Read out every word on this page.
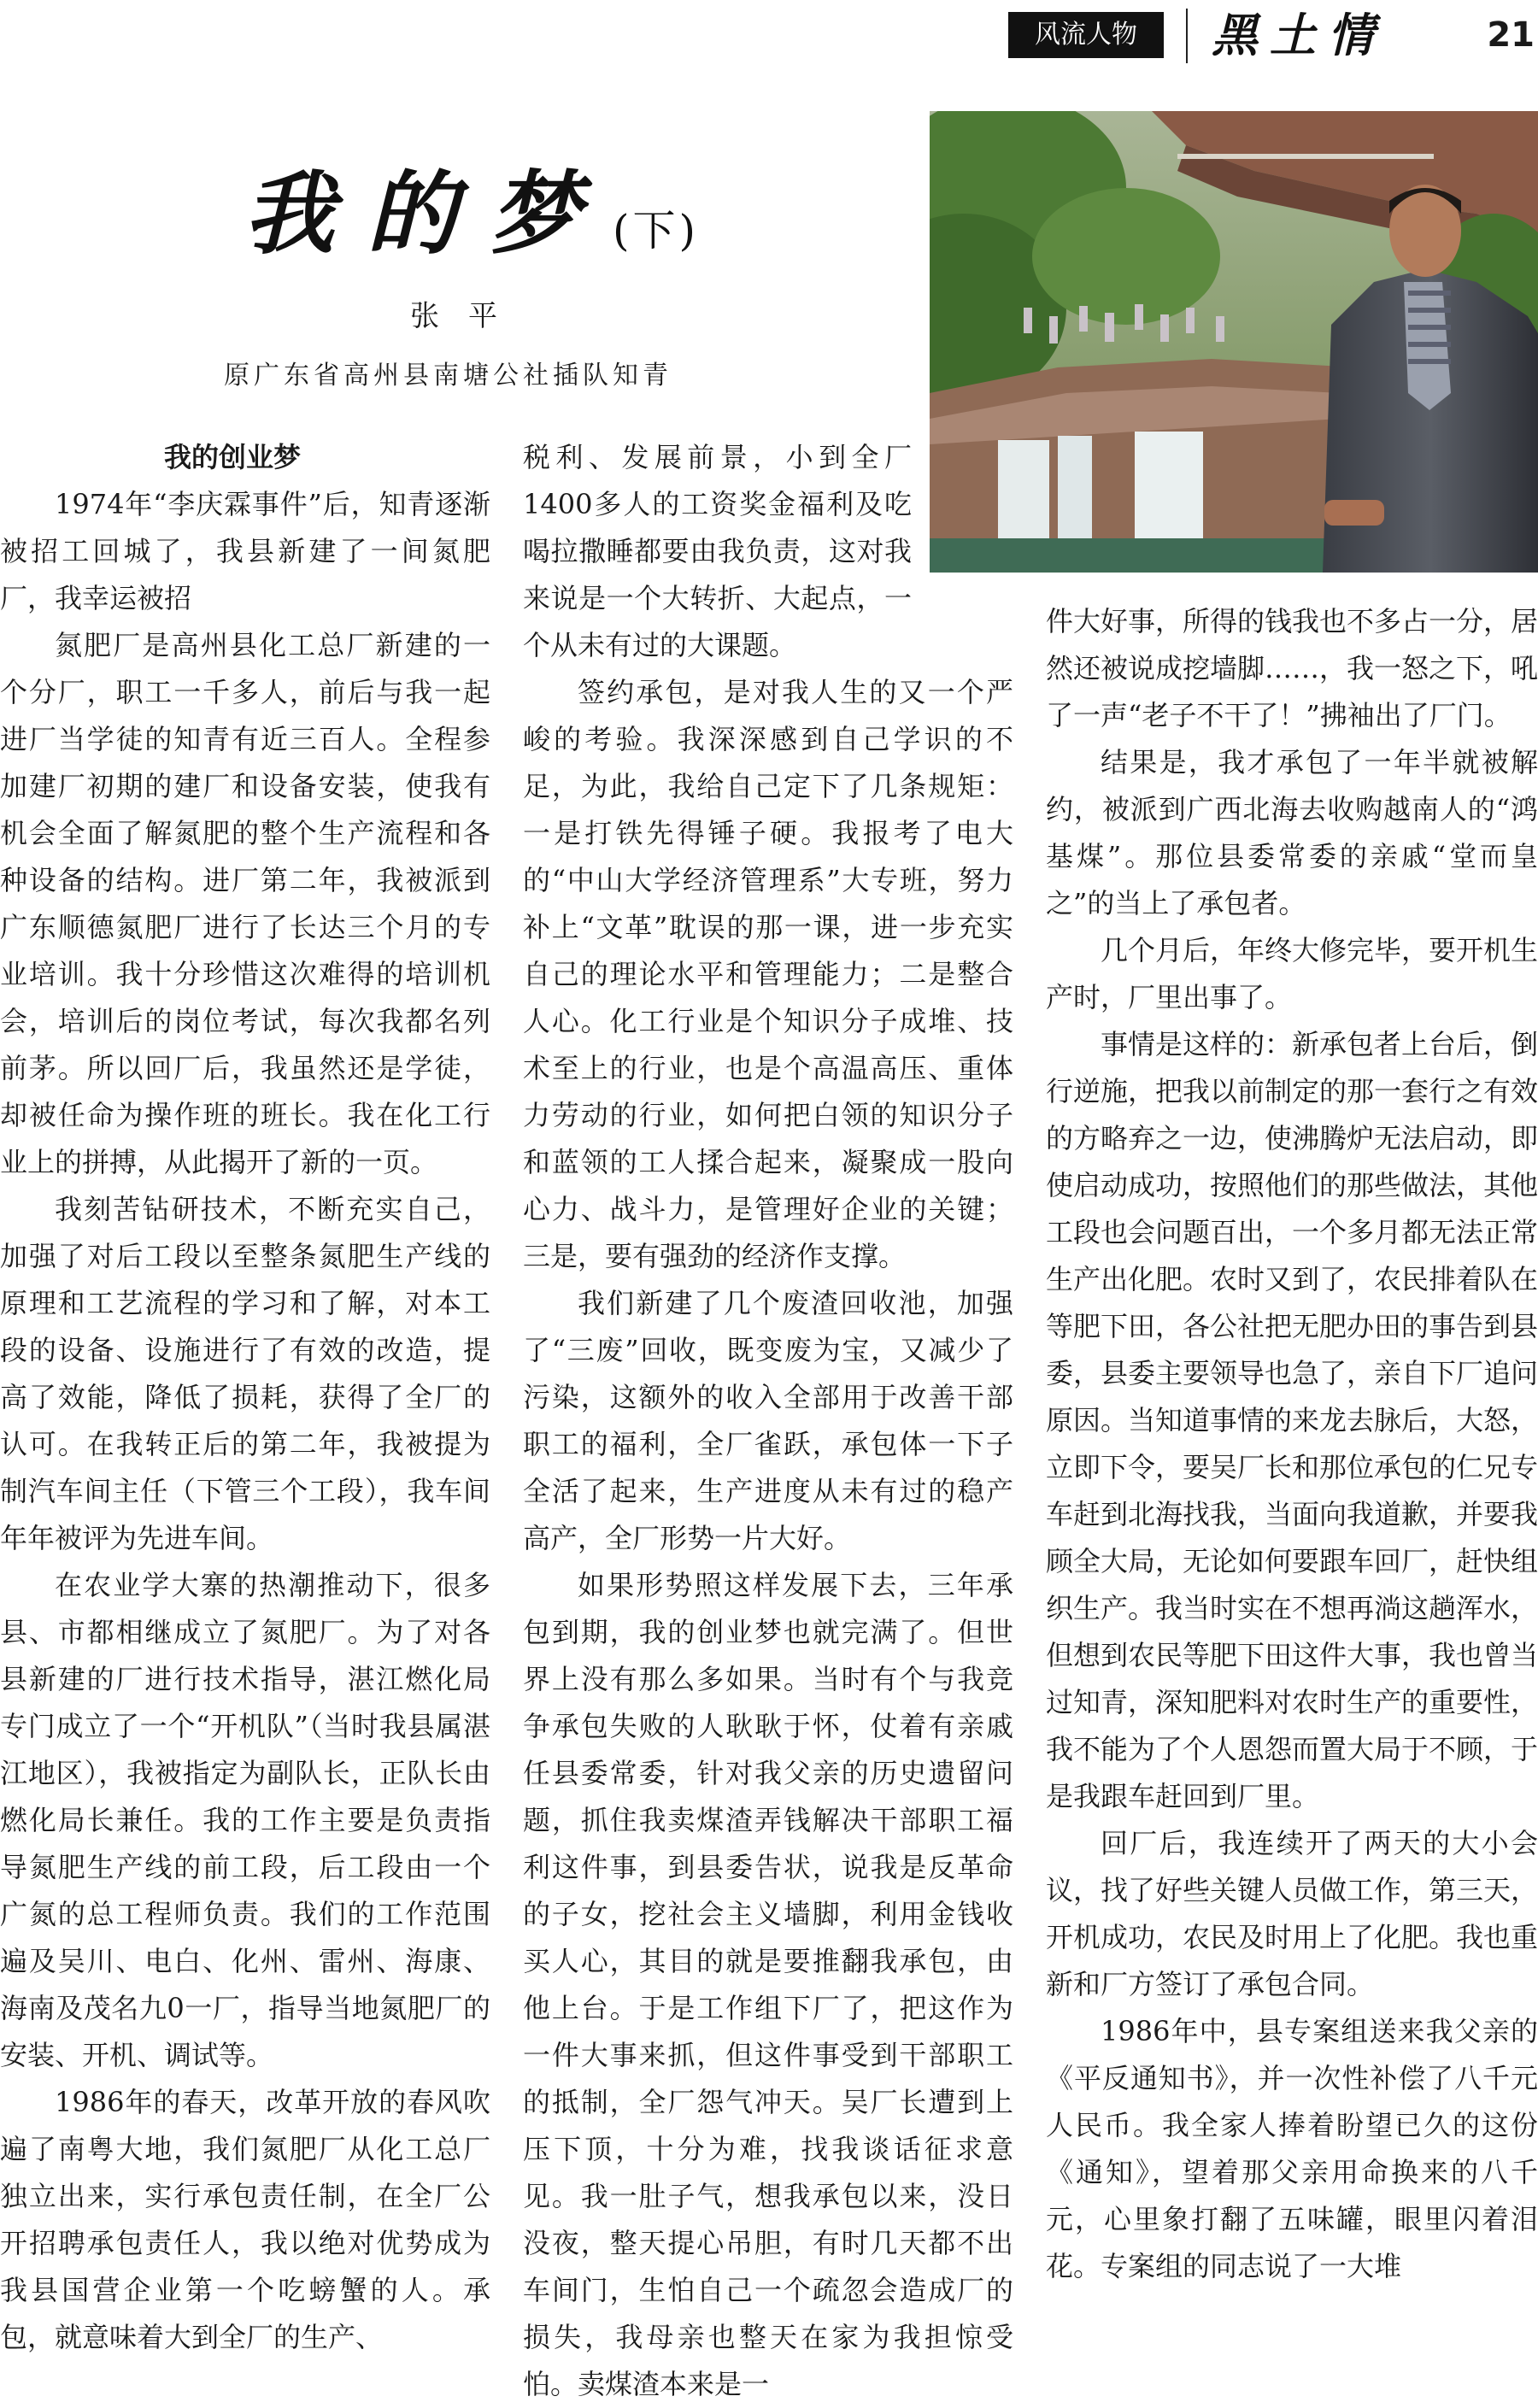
风流人物	黑土情	21
我的梦(下)
张平
原广东省高州县南塘公社插队知青
我的创业梦

1974年“李庆霖事件”后，知青逐渐被招工回城了，我县新建了一间氮肥厂，我幸运被招

氮肥厂是高州县化工总厂新建的一个分厂，职工一千多人，前后与我一起进厂当学徒的知青有近三百人。全程参加建厂初期的建厂和设备安装，使我有机会全面了解氮肥的整个生产流程和各种设备的结构。进厂第二年，我被派到广东顺德氮肥厂进行了长达三个月的专业培训。我十分珍惜这次难得的培训机会，培训后的岗位考试，每次我都名列前茅。所以回厂后，我虽然还是学徒，却被任命为操作班的班长。我在化工行业上的拼搏，从此揭开了新的一页。

我刻苦钻研技术，不断充实自己，加强了对后工段以至整条氮肥生产线的原理和工艺流程的学习和了解，对本工段的设备、设施进行了有效的改造，提高了效能，降低了损耗，获得了全厂的认可。在我转正后的第二年，我被提为制汽车间主任（下管三个工段），我车间年年被评为先进车间。

在农业学大寨的热潮推动下，很多县、市都相继成立了氮肥厂。为了对各县新建的厂进行技术指导，湛江燃化局专门成立了一个“开机队”（当时我县属湛江地区），我被指定为副队长，正队长由燃化局长兼任。我的工作主要是负责指导氮肥生产线的前工段，后工段由一个广氮的总工程师负责。我们的工作范围遍及吴川、电白、化州、雷州、海康、海南及茂名九0一厂，指导当地氮肥厂的安装、开机、调试等。

1986年的春天，改革开放的春风吹遍了南粤大地，我们氮肥厂从化工总厂独立出来，实行承包责任制，在全厂公开招聘承包责任人，我以绝对优势成为我县国营企业第一个吃螃蟹的人。承包，就意味着大到全厂的生产、

税利、发展前景，小到全厂1400多人的工资奖金福利及吃喝拉撒睡都要由我负责，这对我来说是一个大转折、大起点，一个从未有过的大课题。

签约承包，是对我人生的又一个严峻的考验。我深深感到自己学识的不足，为此，我给自己定下了几条规矩：一是打铁先得锤子硬。我报考了电大的“中山大学经济管理系”大专班，努力补上“文革”耽误的那一课，进一步充实自己的理论水平和管理能力；二是整合人心。化工行业是个知识分子成堆、技术至上的行业，也是个高温高压、重体力劳动的行业，如何把白领的知识分子和蓝领的工人揉合起来，凝聚成一股向心力、战斗力，是管理好企业的关键；三是，要有强劲的经济作支撑。

我们新建了几个废渣回收池，加强了“三废”回收，既变废为宝，又减少了污染，这额外的收入全部用于改善干部职工的福利，全厂雀跃，承包体一下子全活了起来，生产进度从未有过的稳产高产，全厂形势一片大好。

如果形势照这样发展下去，三年承包到期，我的创业梦也就完满了。但世界上没有那么多如果。当时有个与我竞争承包失败的人耿耿于怀，仗着有亲戚任县委常委，针对我父亲的历史遗留问题，抓住我卖煤渣弄钱解决干部职工福利这件事，到县委告状，说我是反革命的子女，挖社会主义墙脚，利用金钱收买人心，其目的就是要推翻我承包，由他上台。于是工作组下厂了，把这作为一件大事来抓，但这件事受到干部职工的抵制，全厂怨气冲天。吴厂长遭到上压下顶，十分为难，找我谈话征求意见。我一肚子气，想我承包以来，没日没夜，整天提心吊胆，有时几天都不出车间门，生怕自己一个疏忽会造成厂的损失，我母亲也整天在家为我担惊受怕。卖煤渣本来是一

件大好事，所得的钱我也不多占一分，居然还被说成挖墙脚……，我一怒之下，吼了一声“老子不干了！”拂袖出了厂门。

结果是，我才承包了一年半就被解约，被派到广西北海去收购越南人的“鸿基煤”。那位县委常委的亲戚“堂而皇之”的当上了承包者。

几个月后，年终大修完毕，要开机生产时，厂里出事了。

事情是这样的：新承包者上台后，倒行逆施，把我以前制定的那一套行之有效的方略弃之一边，使沸腾炉无法启动，即使启动成功，按照他们的那些做法，其他工段也会问题百出，一个多月都无法正常生产出化肥。农时又到了，农民排着队在等肥下田，各公社把无肥办田的事告到县委，县委主要领导也急了，亲自下厂追问原因。当知道事情的来龙去脉后，大怒，立即下令，要吴厂长和那位承包的仁兄专车赶到北海找我，当面向我道歉，并要我顾全大局，无论如何要跟车回厂，赶快组织生产。我当时实在不想再淌这趟浑水，但想到农民等肥下田这件大事，我也曾当过知青，深知肥料对农时生产的重要性，我不能为了个人恩怨而置大局于不顾，于是我跟车赶回到厂里。

回厂后，我连续开了两天的大小会议，找了好些关键人员做工作，第三天，开机成功，农民及时用上了化肥。我也重新和厂方签订了承包合同。

1986年中，县专案组送来我父亲的《平反通知书》，并一次性补偿了八千元人民币。我全家人捧着盼望已久的这份《通知》，望着那父亲用命换来的八千元，心里象打翻了五味罐，眼里闪着泪花。专案组的同志说了一大堆
